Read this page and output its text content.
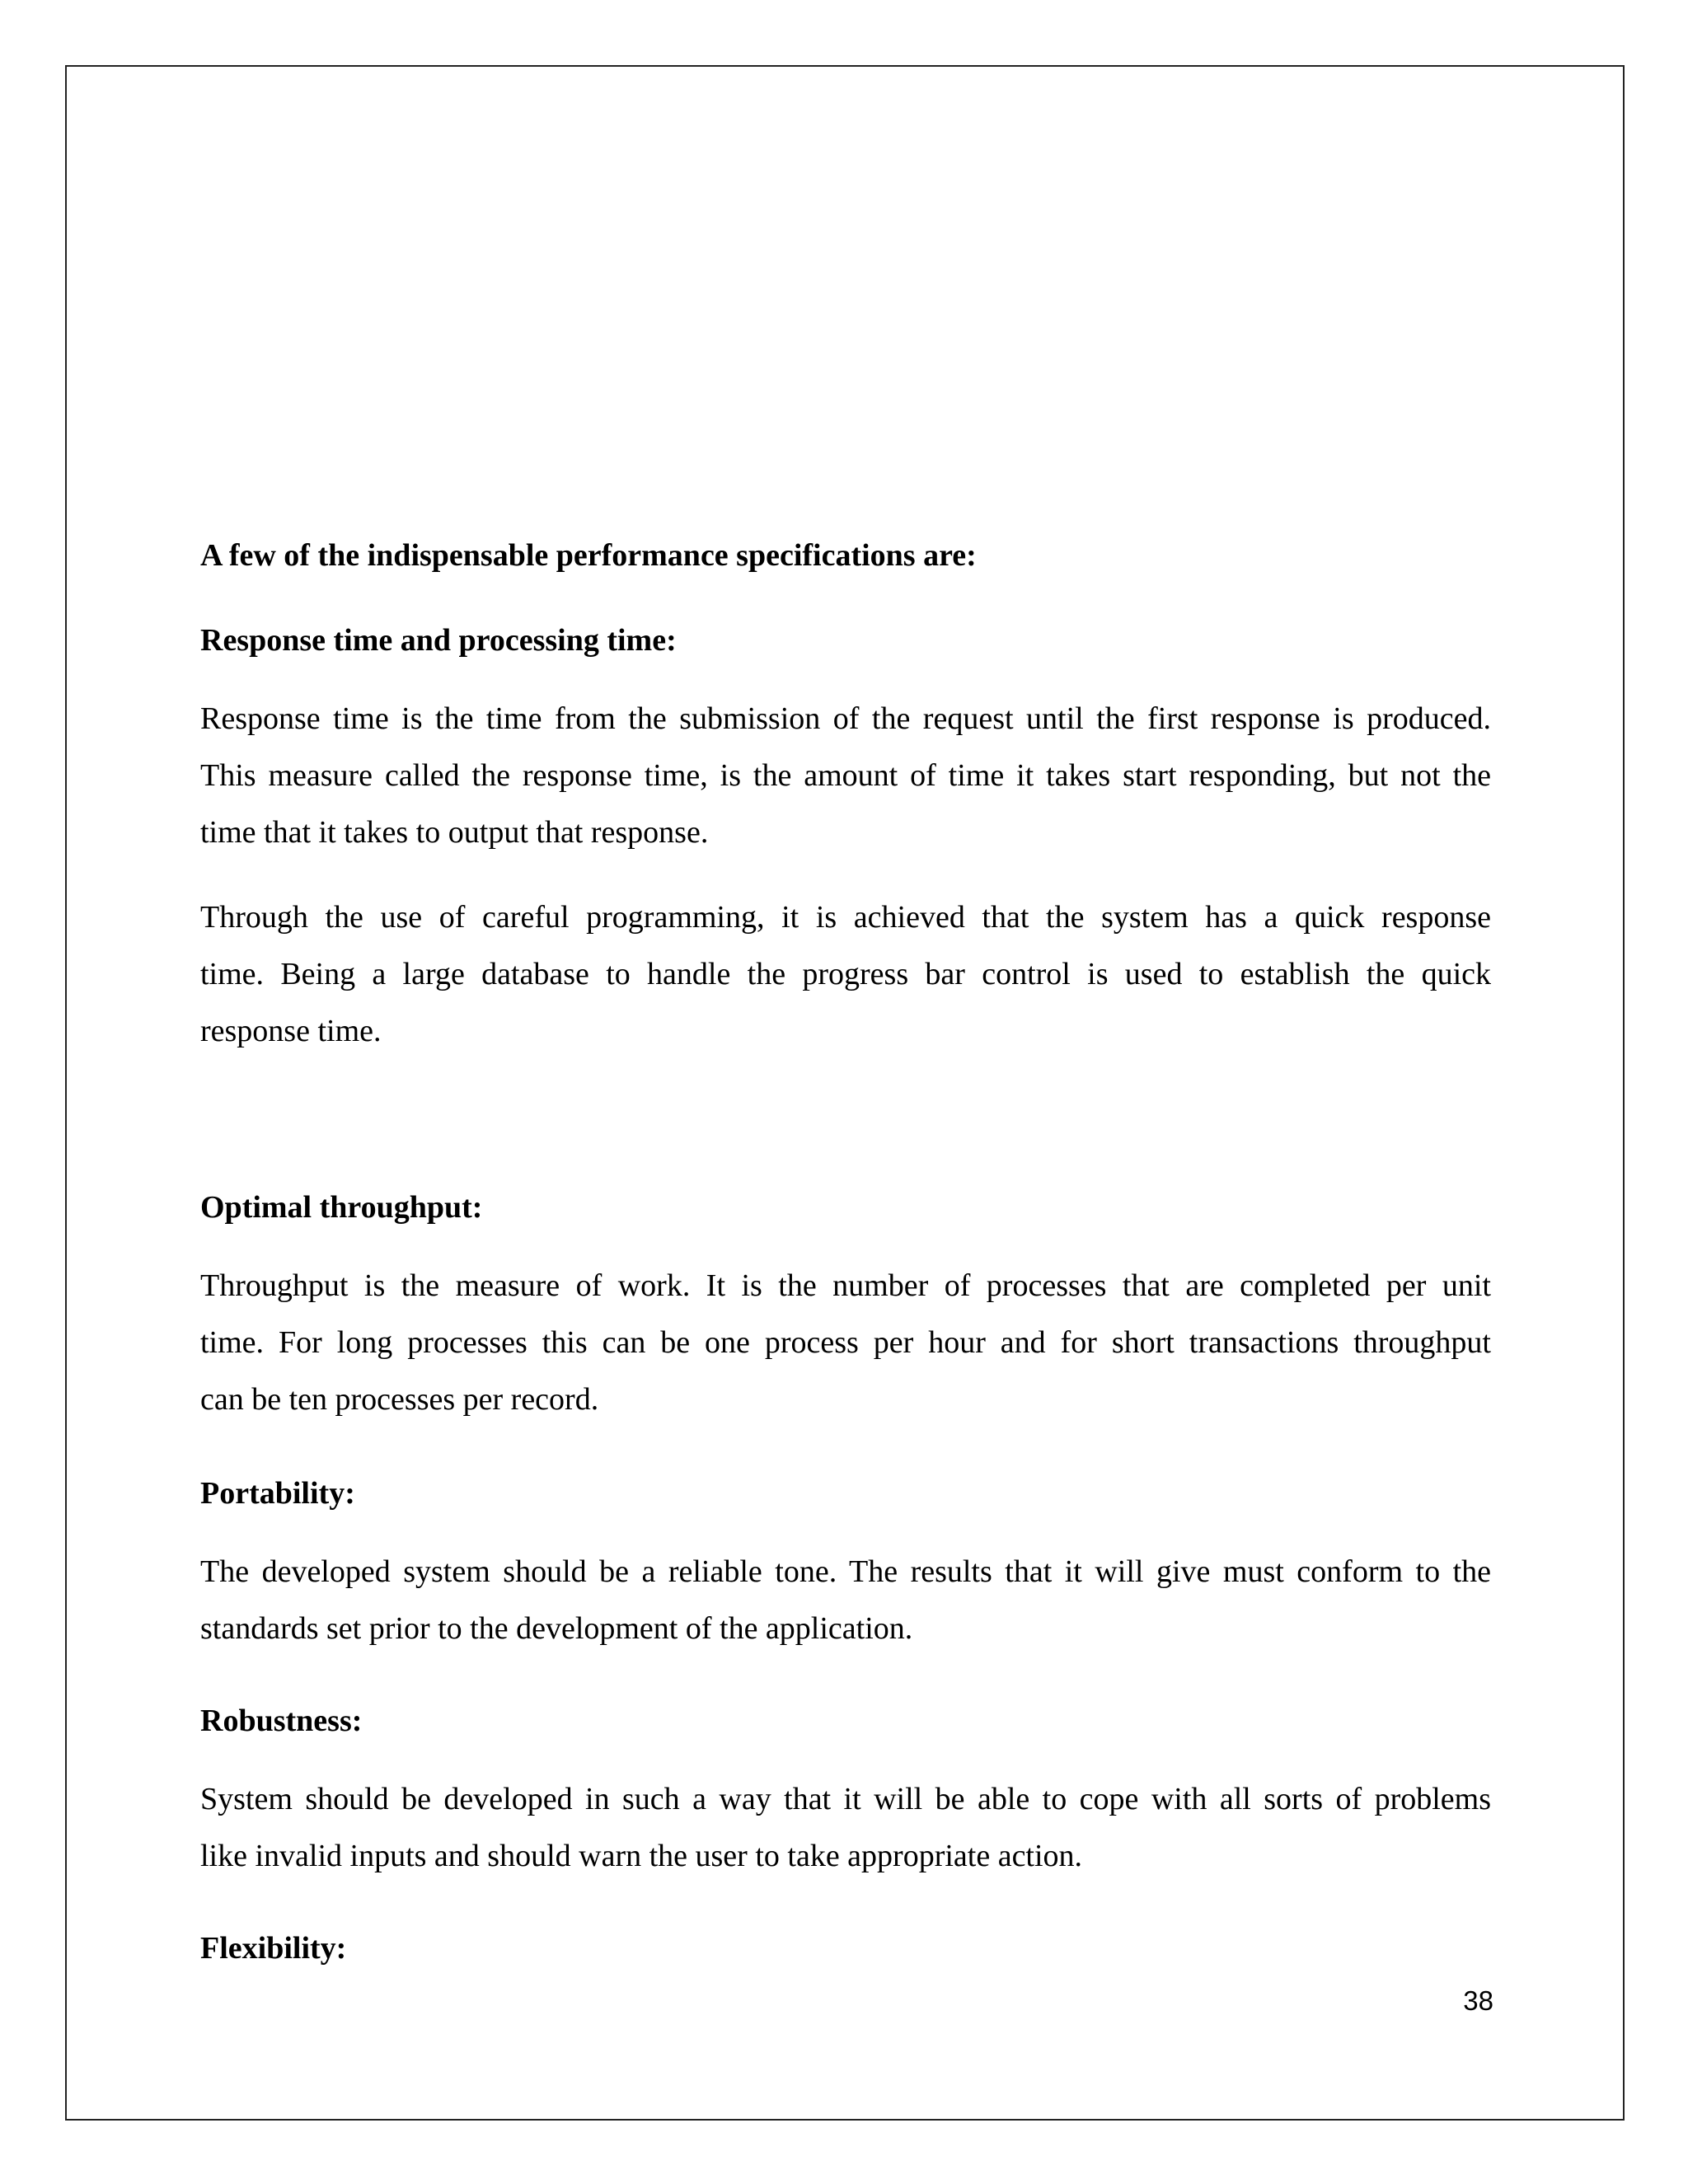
A few of the indispensable performance specifications are:
Response time and processing time:
Response time is the time from the submission of the request until the first response is produced.
This measure called the response time, is the amount of time it takes start responding, but not the
time that it takes to output that response.
Through the use of careful programming, it is achieved that the system has a quick response
time. Being a large database to handle the progress bar control is used to establish the quick
response time.
Optimal throughput:
Throughput is the measure of work. It is the number of processes that are completed per unit
time. For long processes this can be one process per hour and for short transactions throughput
can be ten processes per record.
Portability:
The developed system should be a reliable tone. The results that it will give must conform to the
standards set prior to the development of the application.
Robustness:
System should be developed in such a way that it will be able to cope with all sorts of problems
like invalid inputs and should warn the user to take appropriate action.
Flexibility:
38
